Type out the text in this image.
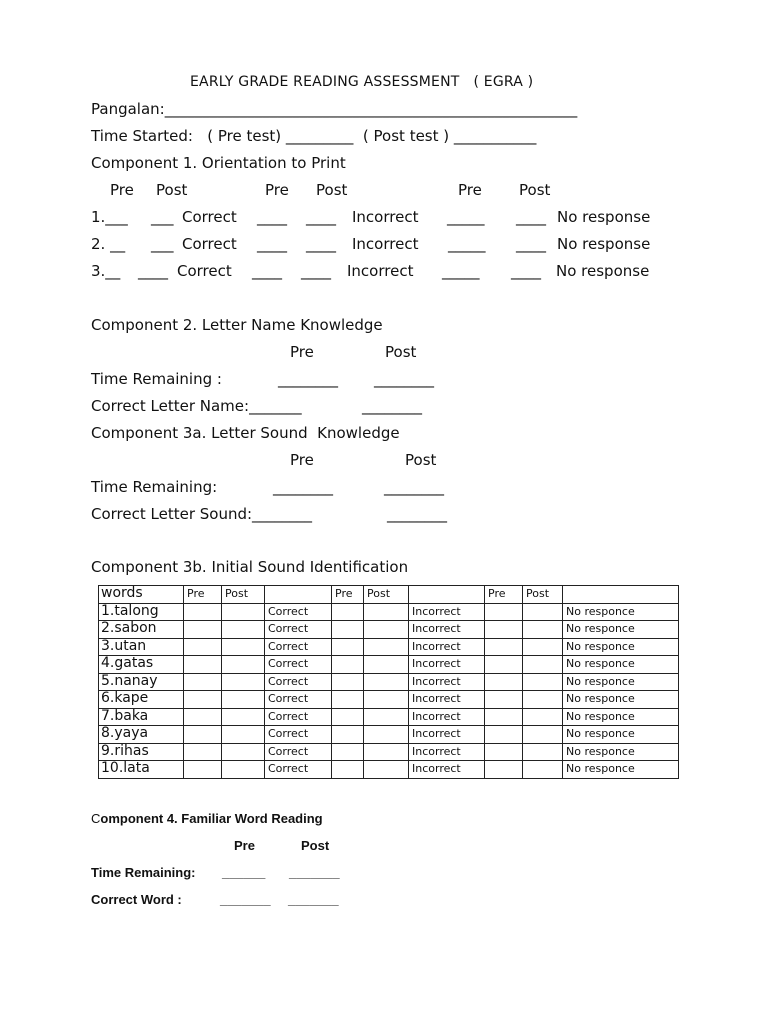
EARLY GRADE READING ASSESSMENT   ( EGRA )
Pangalan:_______________________________________________________
Time Started:   ( Pre test) _________  ( Post test ) ___________
Component 1. Orientation to Print
Pre Post	Pre Post	Pre Post
1.___ ___ Correct ____ ____ Incorrect _____ ____ No response
2. __ ___ Correct ____ ____ Incorrect _____ ____ No response
3.__ ____ Correct ____ ____ Incorrect _____ ____ No response
Component 2. Letter Name Knowledge
Pre	Post
Time Remaining :	________ ________
Correct Letter Name:_______	________
Component 3a. Letter Sound  Knowledge
Pre	Post
Time Remaining:	________	________
Correct Letter Sound:________	________
Component 3b. Initial Sound Identification
words	Pre	Post		Pre	Post		Pre	Post	
1.talong			Correct			Incorrect			No responce
2.sabon			Correct			Incorrect			No responce
3.utan			Correct			Incorrect			No responce
4.gatas			Correct			Incorrect			No responce
5.nanay			Correct			Incorrect			No responce
6.kape			Correct			Incorrect			No responce
7.baka			Correct			Incorrect			No responce
8.yaya			Correct			Incorrect			No responce
9.rihas			Correct			Incorrect			No responce
10.lata			Correct			Incorrect			No responce
Component 4. Familiar Word Reading
Pre	Post
Time Remaining: ______ _______
Correct Word :	_______ _______
